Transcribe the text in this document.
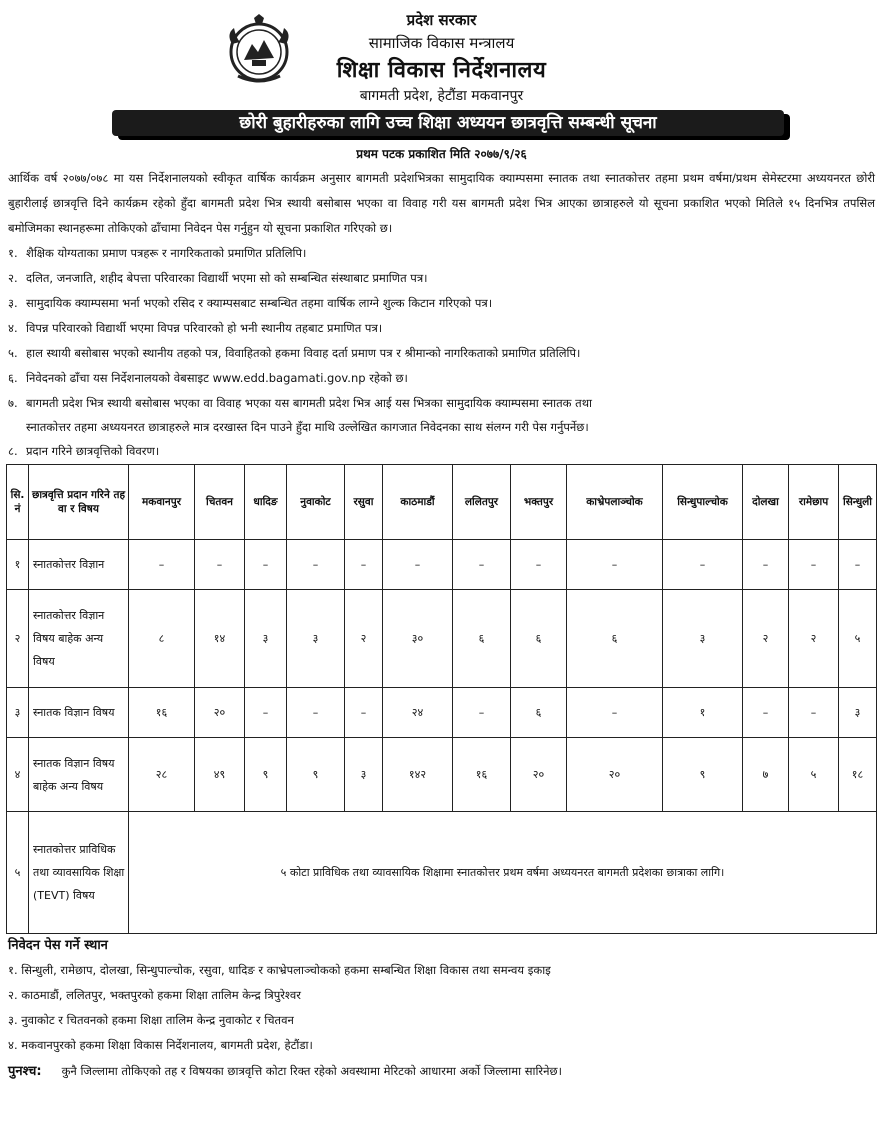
प्रदेश सरकार
सामाजिक विकास मन्त्रालय
शिक्षा विकास निर्देशनालय
बागमती प्रदेश, हेटौंडा मकवानपुर
छोरी बुहारीहरुका लागि उच्च शिक्षा अध्ययन छात्रवृत्ति सम्बन्धी सूचना
प्रथम पटक प्रकाशित मिति २०७७/९/२६
आर्थिक वर्ष २०७७/०७८ मा यस निर्देशनालयको स्वीकृत वार्षिक कार्यक्रम अनुसार बागमती प्रदेशभित्रका सामुदायिक क्याम्पसमा स्नातक तथा स्नातकोत्तर तहमा प्रथम वर्षमा/प्रथम सेमेस्टरमा अध्ययनरत छोरी बुहारीलाई छात्रवृत्ति दिने कार्यक्रम रहेको हुँदा बागमती प्रदेश भित्र स्थायी बसोबास भएका वा विवाह गरी यस बागमती प्रदेश भित्र आएका छात्राहरुले यो सूचना प्रकाशित भएको मितिले १५ दिनभित्र तपसिल बमोजिमका स्थानहरूमा तोकिएको ढाँचामा निवेदन पेस गर्नुहुन यो सूचना प्रकाशित गरिएको छ।
१. शैक्षिक योग्यताका प्रमाण पत्रहरू र नागरिकताको प्रमाणित प्रतिलिपि।
२. दलित, जनजाति, शहीद बेपत्ता परिवारका विद्यार्थी भएमा सो को सम्बन्धित संस्थाबाट प्रमाणित पत्र।
३. सामुदायिक क्याम्पसमा भर्ना भएको रसिद र क्याम्पसबाट सम्बन्धित तहमा वार्षिक लाग्ने शुल्क किटान गरिएको पत्र।
४. विपन्न परिवारको विद्यार्थी भएमा विपन्न परिवारको हो भनी स्थानीय तहबाट प्रमाणित पत्र।
५. हाल स्थायी बसोबास भएको स्थानीय तहको पत्र, विवाहितको हकमा विवाह दर्ता प्रमाण पत्र र श्रीमान्को नागरिकताको प्रमाणित प्रतिलिपि।
६. निवेदनको ढाँचा यस निर्देशनालयको वेबसाइट www.edd.bagamati.gov.np रहेको छ।
७. बागमती प्रदेश भित्र स्थायी बसोबास भएका वा विवाह भएका यस बागमती प्रदेश भित्र आई यस भित्रका सामुदायिक क्याम्पसमा स्नातक तथा
स्नातकोत्तर तहमा अध्ययनरत छात्राहरुले मात्र दरखास्त दिन पाउने हुँदा माथि उल्लेखित कागजात निवेदनका साथ संलग्न गरी पेस गर्नुपर्नेछ।
८. प्रदान गरिने छात्रवृत्तिको विवरण।
सि. नं	छात्रवृत्ति प्रदान गरिने तह वा र विषय	मकवानपुर	चितवन	धादिङ	नुवाकोट	रसुवा	काठमाडौं	ललितपुर	भक्तपुर	काभ्रेपलाञ्चोक	सिन्धुपाल्चोक	दोलखा	रामेछाप	सिन्धुली
१	स्नातकोत्तर विज्ञान	–	–	–	–	–	–	–	–	–	–	–	–	–
२	स्नातकोत्तर विज्ञान विषय बाहेक अन्य विषय	८	१४	३	३	२	३०	६	६	६	३	२	२	५
३	स्नातक विज्ञान विषय	१६	२०	–	–	–	२४	–	६	–	१	–	–	३
४	स्नातक विज्ञान विषय बाहेक अन्य विषय	२८	४९	९	९	३	१४२	१६	२०	२०	९	७	५	१८
५	स्नातकोत्तर प्राविधिक तथा व्यावसायिक शिक्षा (TEVT) विषय	५ कोटा प्राविधिक तथा व्यावसायिक शिक्षामा स्नातकोत्तर प्रथम वर्षमा अध्ययनरत बागमती प्रदेशका छात्राका लागि।												
निवेदन पेस गर्ने स्थान
१. सिन्धुली, रामेछाप, दोलखा, सिन्धुपाल्चोक, रसुवा, धादिङ र काभ्रेपलाञ्चोकको हकमा सम्बन्धित शिक्षा विकास तथा समन्वय इकाइ
२. काठमाडौं, ललितपुर, भक्तपुरको हकमा शिक्षा तालिम केन्द्र त्रिपुरेश्वर
३. नुवाकोट र चितवनको हकमा शिक्षा तालिम केन्द्र नुवाकोट र चितवन
४. मकवानपुरको हकमा शिक्षा विकास निर्देशनालय, बागमती प्रदेश, हेटौंडा।
पुनश्च: कुनै जिल्लामा तोकिएको तह र विषयका छात्रवृत्ति कोटा रिक्त रहेको अवस्थामा मेरिटको आधारमा अर्को जिल्लामा सारिनेछ।
